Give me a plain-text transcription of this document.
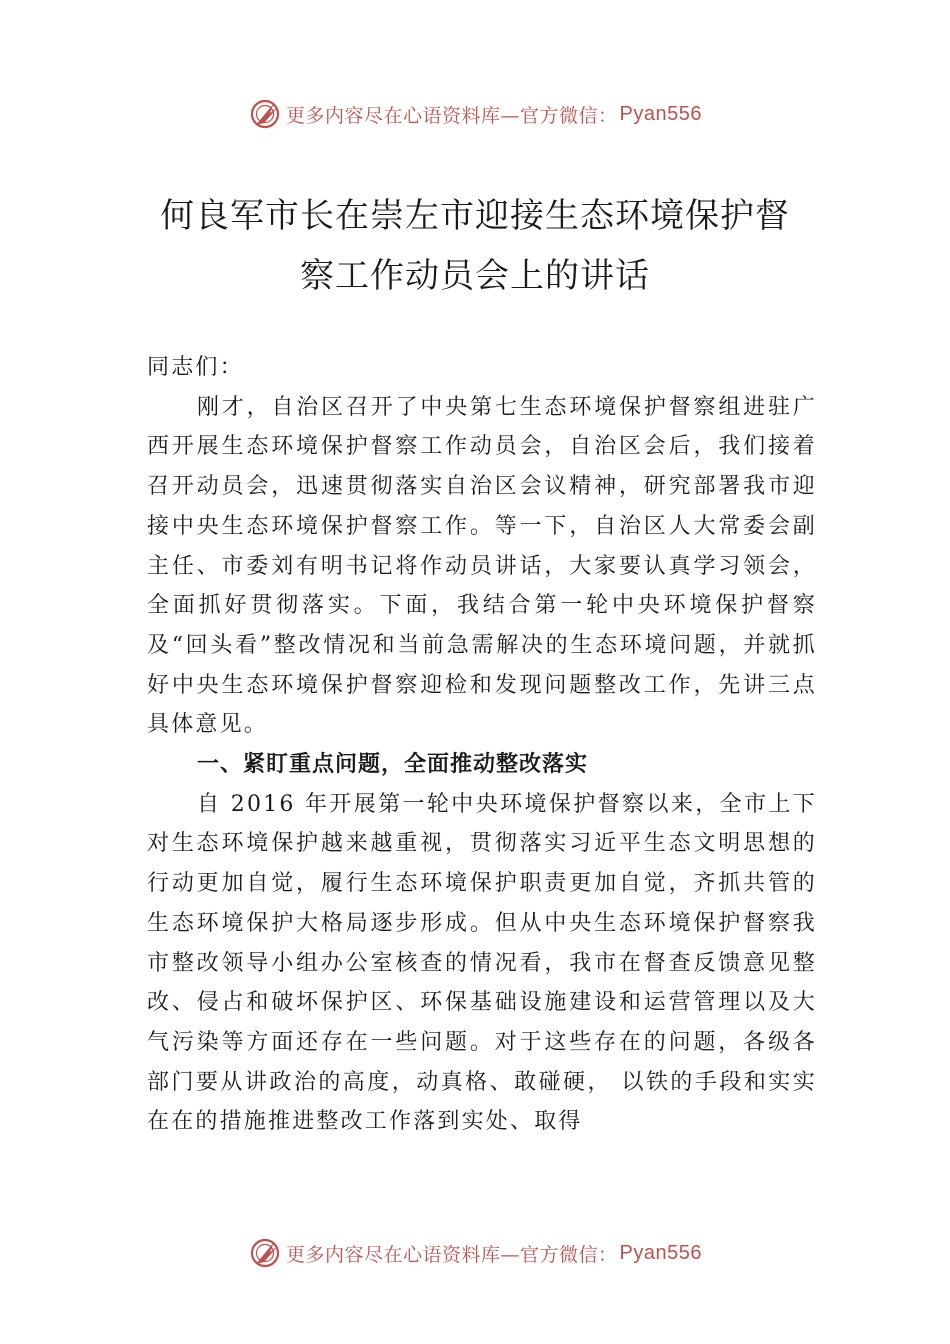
更多内容尽在心语资料库—官方微信： Pyan556
何良军市长在崇左市迎接生态环境保护督
察工作动员会上的讲话

同志们：

刚才，自治区召开了中央第七生态环境保护督察组进驻广西开展生态环境保护督察工作动员会，自治区会后，我们接着召开动员会，迅速贯彻落实自治区会议精神，研究部署我市迎接中央生态环境保护督察工作。等一下，自治区人大常委会副主任、市委刘有明书记将作动员讲话，大家要认真学习领会，全面抓好贯彻落实。下面，我结合第一轮中央环境保护督察及“回头看”整改情况和当前急需解决的生态环境问题，并就抓好中央生态环境保护督察迎检和发现问题整改工作，先讲三点具体意见。

一、紧盯重点问题，全面推动整改落实

自 2016 年开展第一轮中央环境保护督察以来，全市上下对生态环境保护越来越重视，贯彻落实习近平生态文明思想的行动更加自觉，履行生态环境保护职责更加自觉，齐抓共管的生态环境保护大格局逐步形成。但从中央生态环境保护督察我市整改领导小组办公室核查的情况看，我市在督查反馈意见整改、侵占和破坏保护区、环保基础设施建设和运营管理以及大气污染等方面还存在一些问题。对于这些存在的问题，各级各部门要从讲政治的高度，动真格、敢碰硬， 以铁的手段和实实在在的措施推进整改工作落到实处、取得

更多内容尽在心语资料库—官方微信： Pyan556
